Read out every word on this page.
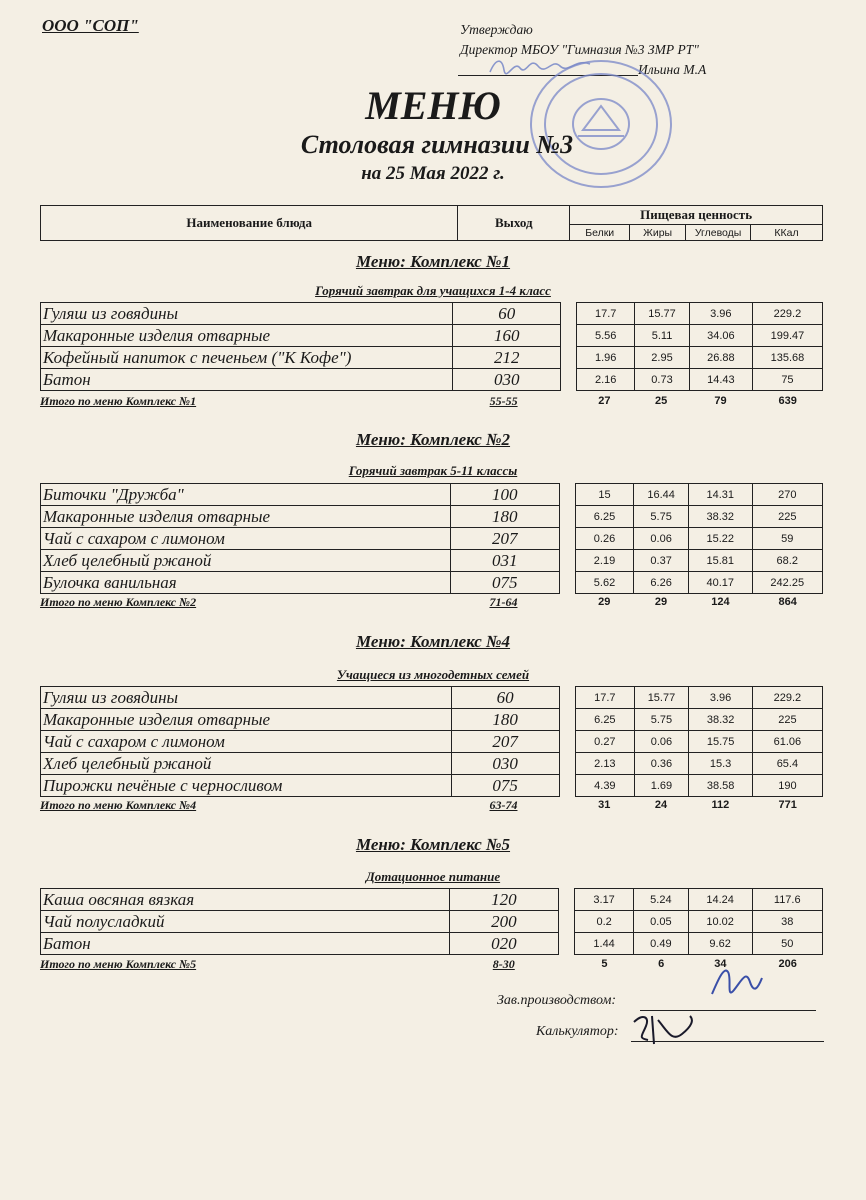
ООО "СОП"	Утверждаю
Директор МБОУ "Гимназия №3 ЗМР РТ"
Ильина М.А
МЕНЮ
Столовая гимназии №3
на 25 Мая 2022 г.
Наименование блюда	Выход	Пищевая ценность			
		Белки	Жиры	Углеводы	ККал
Меню: Комплекс №1
Горячий завтрак для учащихся 1-4 класс
Гуляш из говядины	60		17.7	15.77	3.96	229.2
Макаронные изделия отварные	160		5.56	5.11	34.06	199.47
Кофейный напиток с печеньем ("К Кофе")	212		1.96	2.95	26.88	135.68
Батон	030		2.16	0.73	14.43	75
Итого по меню Комплекс №1	55-55		27	25	79	639
Меню: Комплекс №2
Горячий завтрак 5-11 классы
Биточки "Дружба"	100		15	16.44	14.31	270
Макаронные изделия отварные	180		6.25	5.75	38.32	225
Чай с сахаром с лимоном	207		0.26	0.06	15.22	59
Хлеб целебный ржаной	031		2.19	0.37	15.81	68.2
Булочка ванильная	075		5.62	6.26	40.17	242.25
Итого по меню Комплекс №2	71-64		29	29	124	864
Меню: Комплекс №4
Учащиеся из многодетных семей
Гуляш из говядины	60		17.7	15.77	3.96	229.2
Макаронные изделия отварные	180		6.25	5.75	38.32	225
Чай с сахаром с лимоном	207		0.27	0.06	15.75	61.06
Хлеб целебный ржаной	030		2.13	0.36	15.3	65.4
Пирожки печёные с черносливом	075		4.39	1.69	38.58	190
Итого по меню Комплекс №4	63-74		31	24	112	771
Меню: Комплекс №5
Дотационное питание
Каша овсяная вязкая	120		3.17	5.24	14.24	117.6
Чай полусладкий	200		0.2	0.05	10.02	38
Батон	020		1.44	0.49	9.62	50
Итого по меню Комплекс №5	8-30		5	6	34	206
Зав.производством:
Калькулятор:
